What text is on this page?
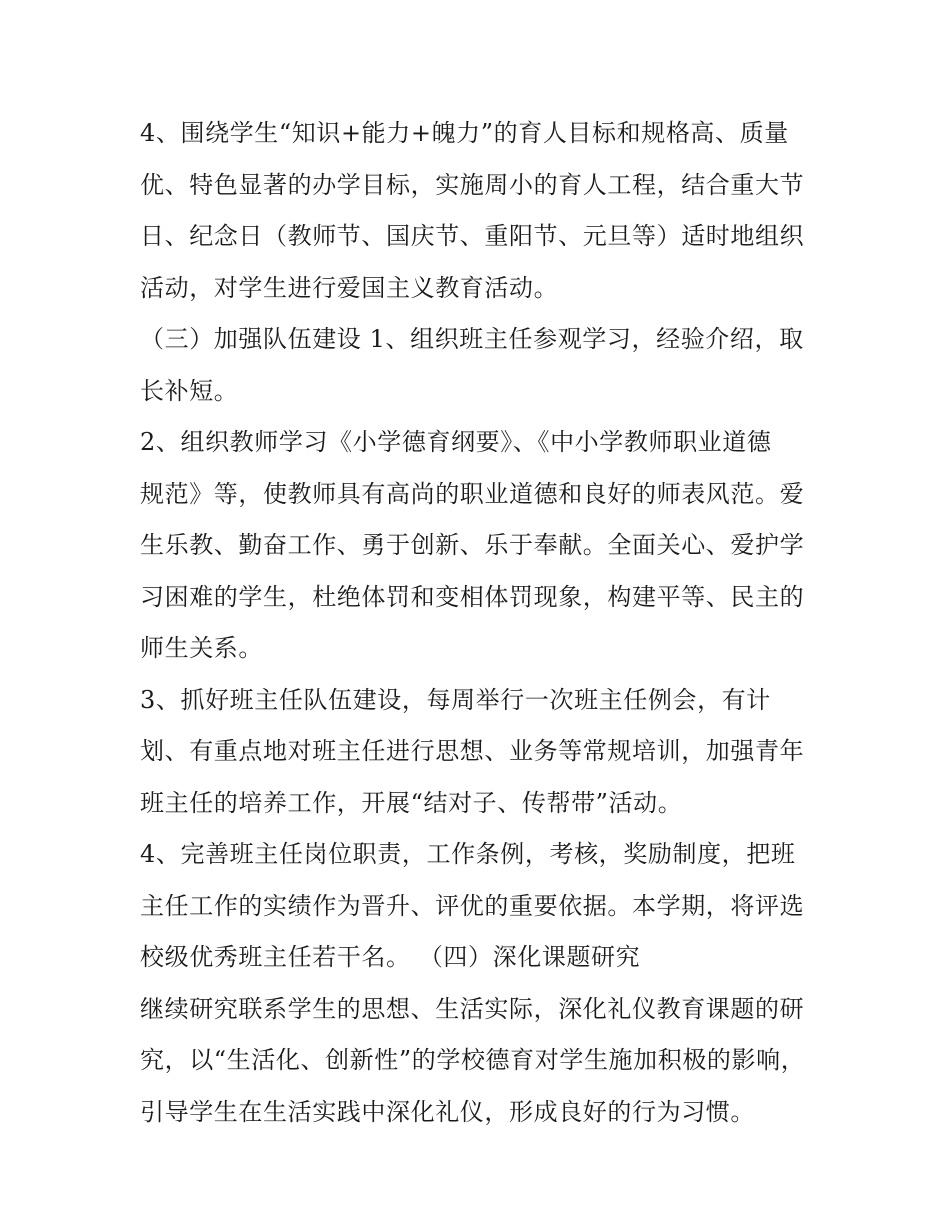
4、围绕学生“知识+能力+魄力”的育人目标和规格高、质量
优、特色显著的办学目标，实施周小的育人工程，结合重大节
日、纪念日（教师节、国庆节、重阳节、元旦等）适时地组织
活动，对学生进行爱国主义教育活动。
（三）加强队伍建设 1、组织班主任参观学习，经验介绍，取
长补短。
2、组织教师学习《小学德育纲要》、《中小学教师职业道德
规范》等，使教师具有高尚的职业道德和良好的师表风范。爱
生乐教、勤奋工作、勇于创新、乐于奉献。全面关心、爱护学
习困难的学生，杜绝体罚和变相体罚现象，构建平等、民主的
师生关系。
3、抓好班主任队伍建设，每周举行一次班主任例会，有计
划、有重点地对班主任进行思想、业务等常规培训，加强青年
班主任的培养工作，开展“结对子、传帮带”活动。
4、完善班主任岗位职责，工作条例，考核，奖励制度，把班
主任工作的实绩作为晋升、评优的重要依据。本学期，将评选
校级优秀班主任若干名。 （四）深化课题研究
继续研究联系学生的思想、生活实际，深化礼仪教育课题的研
究，以“生活化、创新性”的学校德育对学生施加积极的影响，
引导学生在生活实践中深化礼仪，形成良好的行为习惯。
